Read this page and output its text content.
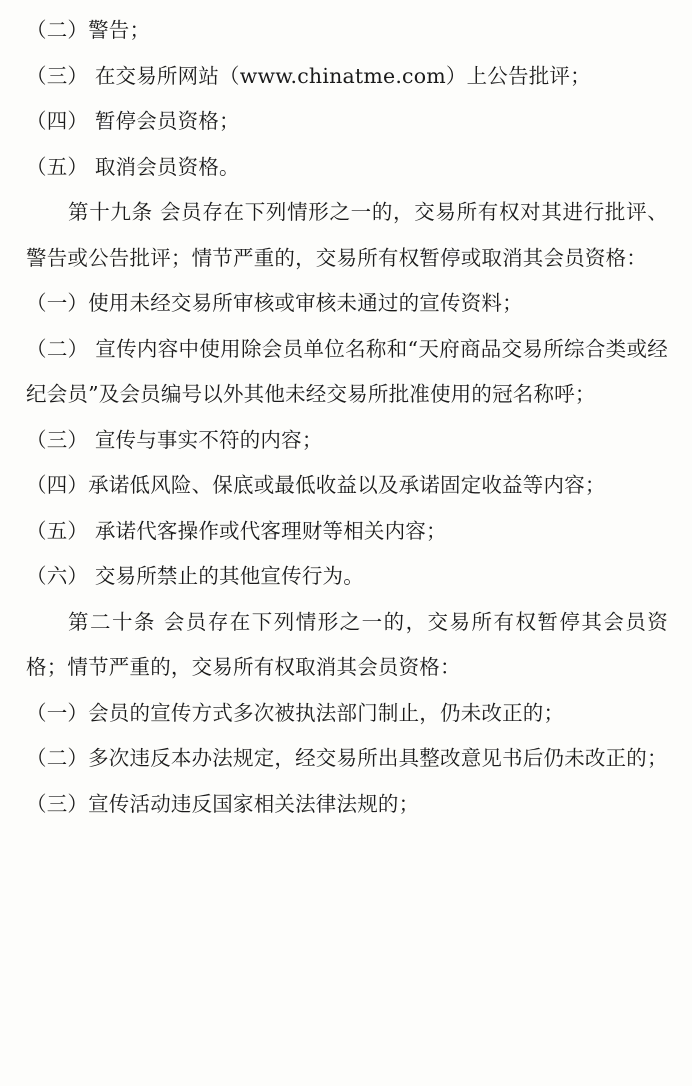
（二）警告；

（三） 在交易所网站（www.chinatme.com）上公告批评；

（四） 暂停会员资格；

（五） 取消会员资格。

第十九条 会员存在下列情形之一的，交易所有权对其进行批评、警告或公告批评；情节严重的，交易所有权暂停或取消其会员资格：

（一）使用未经交易所审核或审核未通过的宣传资料；

（二） 宣传内容中使用除会员单位名称和“天府商品交易所综合类或经纪会员”及会员编号以外其他未经交易所批准使用的冠名称呼；

（三） 宣传与事实不符的内容；

（四）承诺低风险、保底或最低收益以及承诺固定收益等内容；

（五） 承诺代客操作或代客理财等相关内容；

（六） 交易所禁止的其他宣传行为。

第二十条 会员存在下列情形之一的，交易所有权暂停其会员资格；情节严重的，交易所有权取消其会员资格：

（一）会员的宣传方式多次被执法部门制止，仍未改正的；

（二）多次违反本办法规定，经交易所出具整改意见书后仍未改正的；

（三）宣传活动违反国家相关法律法规的；
